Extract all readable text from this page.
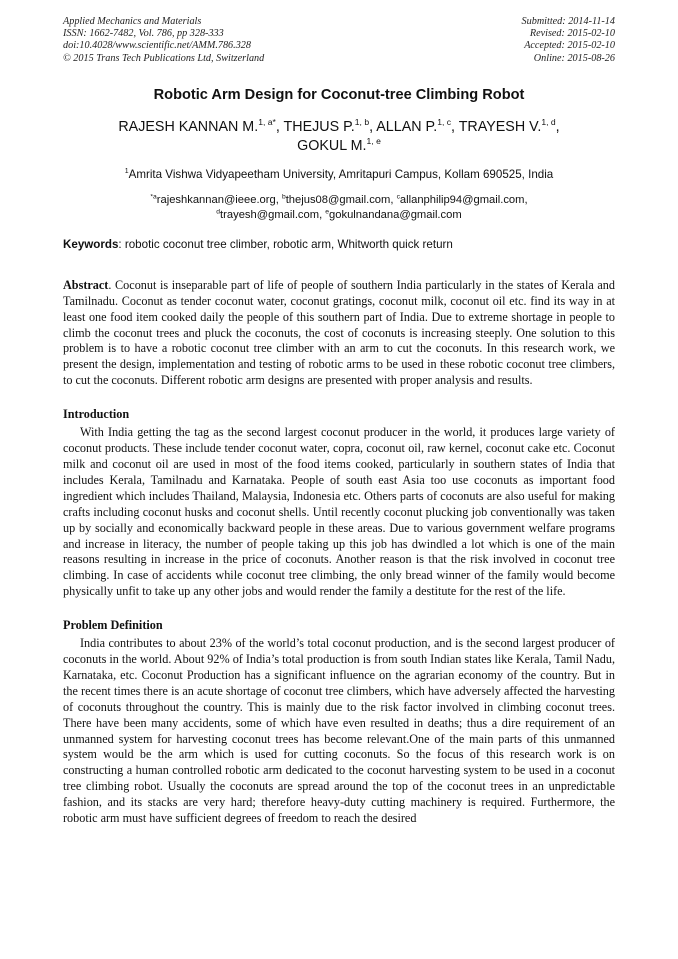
Applied Mechanics and Materials
ISSN: 1662-7482, Vol. 786, pp 328-333
doi:10.4028/www.scientific.net/AMM.786.328
© 2015 Trans Tech Publications Ltd, Switzerland
Submitted: 2014-11-14
Revised: 2015-02-10
Accepted: 2015-02-10
Online: 2015-08-26
Robotic Arm Design for Coconut-tree Climbing Robot
RAJESH KANNAN M.$^{1, a*}$, THEJUS P.$^{1, b}$, ALLAN P.$^{1, c}$, TRAYESH V.$^{1, d}$,
GOKUL M.$^{1, e}$
$^1$Amrita Vishwa Vidyapeetham University, Amritapuri Campus, Kollam 690525, India
$^{*a}$rajeshkannan@ieee.org, $^b$thejus08@gmail.com, $^c$allanphilip94@gmail.com,
$^d$trayesh@gmail.com, $^e$gokulnandana@gmail.com
Keywords: robotic coconut tree climber, robotic arm, Whitworth quick return
Abstract. Coconut is inseparable part of life of people of southern India particularly in the states of Kerala and Tamilnadu. Coconut as tender coconut water, coconut gratings, coconut milk, coconut oil etc. find its way in at least one food item cooked daily the people of this southern part of India. Due to extreme shortage in people to climb the coconut trees and pluck the coconuts, the cost of coconuts is increasing steeply. One solution to this problem is to have a robotic coconut tree climber with an arm to cut the coconuts. In this research work, we present the design, implementation and testing of robotic arms to be used in these robotic coconut tree climbers, to cut the coconuts. Different robotic arm designs are presented with proper analysis and results.
Introduction

With India getting the tag as the second largest coconut producer in the world, it produces large variety of coconut products. These include tender coconut water, copra, coconut oil, raw kernel, coconut cake etc. Coconut milk and coconut oil are used in most of the food items cooked, particularly in southern states of India that includes Kerala, Tamilnadu and Karnataka. People of south east Asia too use coconuts as important food ingredient which includes Thailand, Malaysia, Indonesia etc. Others parts of coconuts are also useful for making crafts including coconut husks and coconut shells. Until recently coconut plucking job conventionally was taken up by socially and economically backward people in these areas. Due to various government welfare programs and increase in literacy, the number of people taking up this job has dwindled a lot which is one of the main reasons resulting in increase in the price of coconuts. Another reason is that the risk involved in coconut tree climbing. In case of accidents while coconut tree climbing, the only bread winner of the family would become physically unfit to take up any other jobs and would render the family a destitute for the rest of the life.

Problem Definition

India contributes to about 23% of the world’s total coconut production, and is the second largest producer of coconuts in the world. About 92% of India’s total production is from south Indian states like Kerala, Tamil Nadu, Karnataka, etc. Coconut Production has a significant influence on the agrarian economy of the country. But in the recent times there is an acute shortage of coconut tree climbers, which have adversely affected the harvesting of coconuts throughout the country. This is mainly due to the risk factor involved in climbing coconut trees. There have been many accidents, some of which have even resulted in deaths; thus a dire requirement of an unmanned system for harvesting coconut trees has become relevant.One of the main parts of this unmanned system would be the arm which is used for cutting coconuts. So the focus of this research work is on constructing a human controlled robotic arm dedicated to the coconut harvesting system to be used in a coconut tree climbing robot. Usually the coconuts are spread around the top of the coconut trees in an unpredictable fashion, and its stacks are very hard; therefore heavy-duty cutting machinery is required. Furthermore, the robotic arm must have sufficient degrees of freedom to reach the desired
